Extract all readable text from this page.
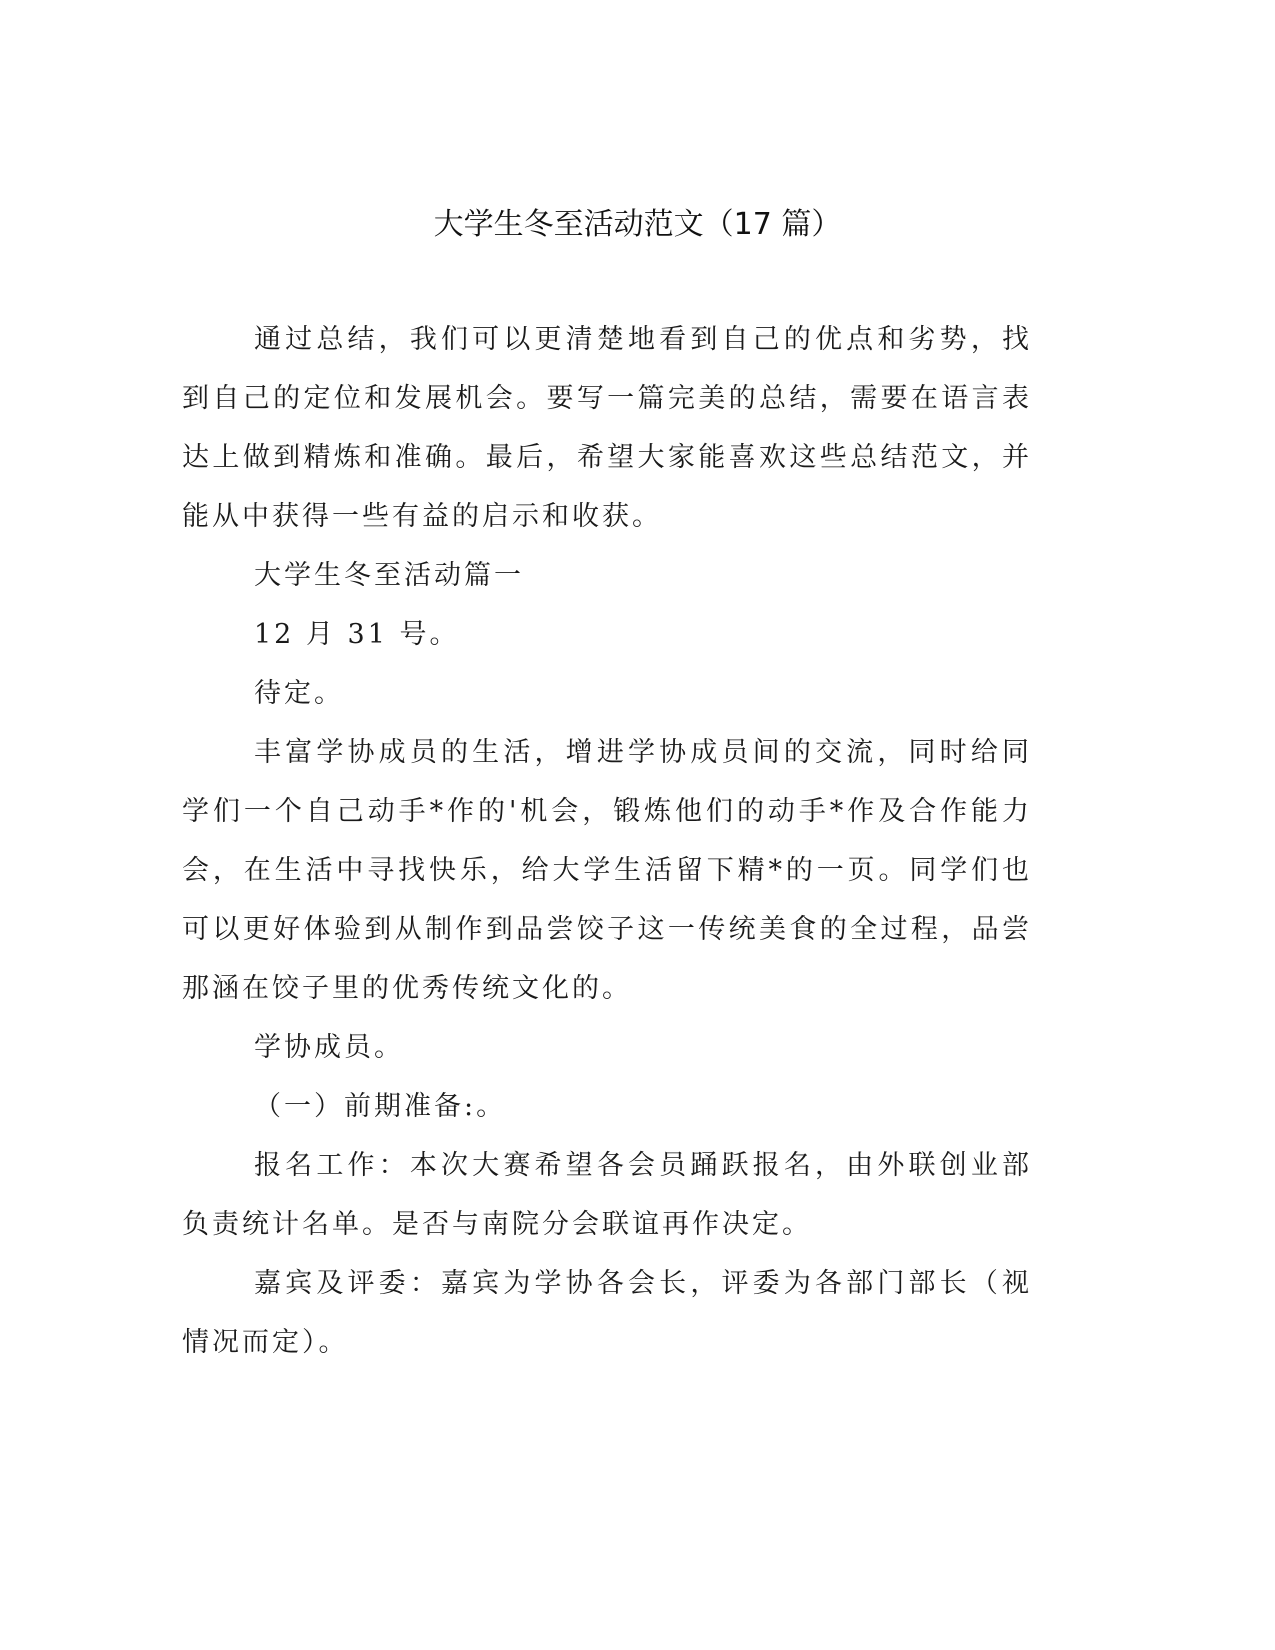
大学生冬至活动范文（17 篇）

通过总结，我们可以更清楚地看到自己的优点和劣势，找到自己的定位和发展机会。要写一篇完美的总结，需要在语言表达上做到精炼和准确。最后，希望大家能喜欢这些总结范文，并能从中获得一些有益的启示和收获。

大学生冬至活动篇一

12 月 31 号。

待定。

丰富学协成员的生活，增进学协成员间的交流，同时给同学们一个自己动手*作的'机会，锻炼他们的动手*作及合作能力会，在生活中寻找快乐，给大学生活留下精*的一页。同学们也可以更好体验到从制作到品尝饺子这一传统美食的全过程，品尝那涵在饺子里的优秀传统文化的。

学协成员。

（一）前期准备:。

报名工作：本次大赛希望各会员踊跃报名，由外联创业部负责统计名单。是否与南院分会联谊再作决定。

嘉宾及评委：嘉宾为学协各会长，评委为各部门部长（视情况而定）。
